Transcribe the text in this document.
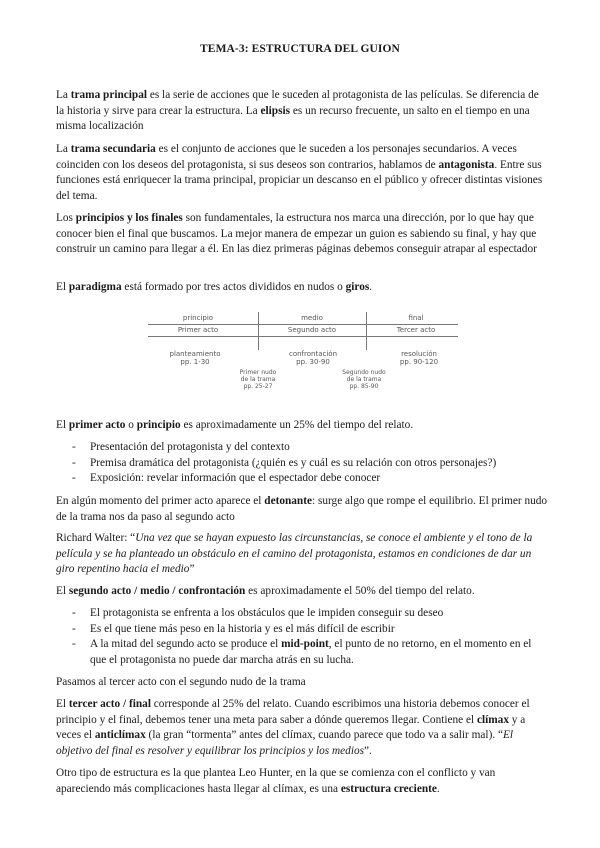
TEMA-3: ESTRUCTURA DEL GUION

La trama principal es la serie de acciones que le suceden al protagonista de las películas. Se diferencia de la historia y sirve para crear la estructura. La elipsis es un recurso frecuente, un salto en el tiempo en una misma localización

La trama secundaria es el conjunto de acciones que le suceden a los personajes secundarios. A veces coinciden con los deseos del protagonista, si sus deseos son contrarios, hablamos de antagonista. Entre sus funciones está enriquecer la trama principal, propiciar un descanso en el público y ofrecer distintas visiones del tema.

Los principios y los finales son fundamentales, la estructura nos marca una dirección, por lo que hay que conocer bien el final que buscamos. La mejor manera de empezar un guion es sabiendo su final, y hay que construir un camino para llegar a él. En las diez primeras páginas debemos conseguir atrapar al espectador

El paradigma está formado por tres actos divididos en nudos o giros.

principio
Primer acto
medio
Segundo acto
final
Tercer acto
planteamiento
pp. 1-30
confrontación
pp. 30-90
resolución
pp. 90-120
Primer nudo
de la trama
pp. 25-27
Segundo nudo
de la trama
pp. 85-90

El primer acto o principio es aproximadamente un 25% del tiempo del relato.

- Presentación del protagonista y del contexto
- Premisa dramática del protagonista (¿quién es y cuál es su relación con otros personajes?)
- Exposición: revelar información que el espectador debe conocer

En algún momento del primer acto aparece el detonante: surge algo que rompe el equilibrio. El primer nudo de la trama nos da paso al segundo acto

Richard Walter: “Una vez que se hayan expuesto las circunstancias, se conoce el ambiente y el tono de la película y se ha planteado un obstáculo en el camino del protagonista, estamos en condiciones de dar un giro repentino hacia el medio”

El segundo acto / medio / confrontación es aproximadamente el 50% del tiempo del relato.

- El protagonista se enfrenta a los obstáculos que le impiden conseguir su deseo
- Es el que tiene más peso en la historia y es el más difícil de escribir
- A la mitad del segundo acto se produce el mid-point, el punto de no retorno, en el momento en el que el protagonista no puede dar marcha atrás en su lucha.

Pasamos al tercer acto con el segundo nudo de la trama

El tercer acto / final corresponde al 25% del relato. Cuando escribimos una historia debemos conocer el principio y el final, debemos tener una meta para saber a dónde queremos llegar. Contiene el clímax y a veces el anticlímax (la gran “tormenta” antes del clímax, cuando parece que todo va a salir mal). “El objetivo del final es resolver y equilibrar los principios y los medios”.

Otro tipo de estructura es la que plantea Leo Hunter, en la que se comienza con el conflicto y van apareciendo más complicaciones hasta llegar al clímax, es una estructura creciente.
